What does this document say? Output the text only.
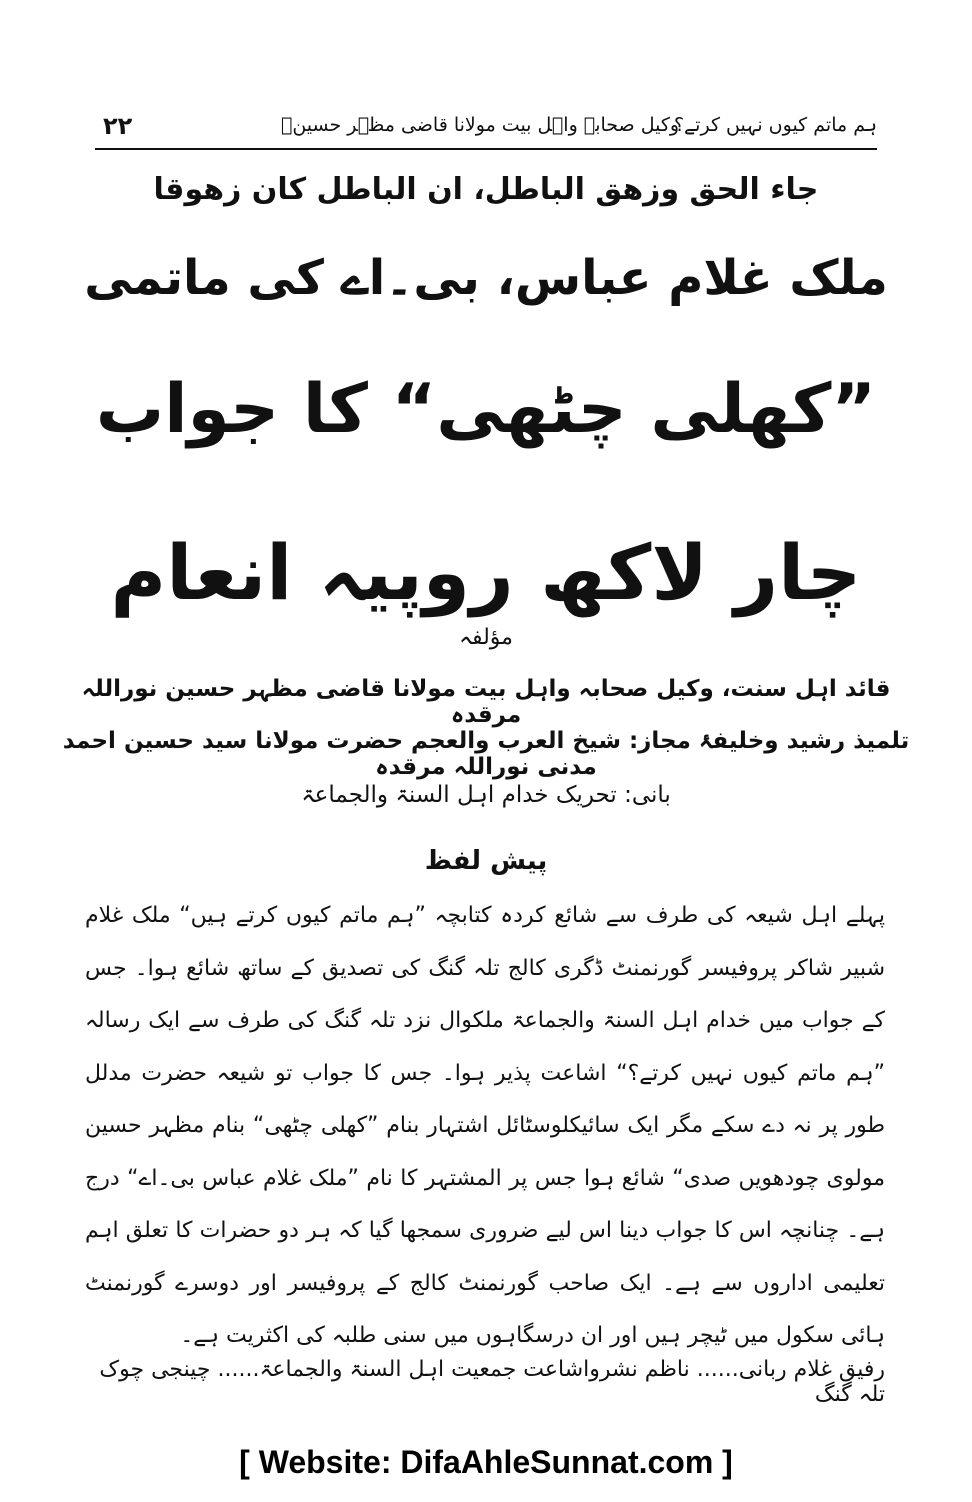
۲۲	وکیل صحابہ واہل بیت مولانا قاضی مظہر حسینؒ
ہم ماتم کیوں نہیں کرتے؟
جاء الحق وزهق الباطل، ان الباطل كان زهوقا
ملک غلام عباس، بی۔اے کی ماتمی
”کھلی چٹھی“ کا جواب
چار لاکھ روپیہ انعام
مؤلفہ
قائد اہل سنت، وکیل صحابہ واہل بیت مولانا قاضی مظہر حسین نوراللہ مرقدہ
تلمیذ رشید وخلیفۂ مجاز: شیخ العرب والعجم حضرت مولانا سید حسین احمد مدنی نوراللہ مرقدہ
بانی: تحریک خدام اہل السنۃ والجماعۃ
پیش لفظ

پہلے اہل شیعہ کی طرف سے شائع کردہ کتابچہ ”ہم ماتم کیوں کرتے ہیں“ ملک غلام شبیر شاکر پروفیسر گورنمنٹ ڈگری کالج تلہ گنگ کی تصدیق کے ساتھ شائع ہوا۔ جس کے جواب میں خدام اہل السنۃ والجماعۃ ملکوال نزد تلہ گنگ کی طرف سے ایک رسالہ ”ہم ماتم کیوں نہیں کرتے؟“ اشاعت پذیر ہوا۔ جس کا جواب تو شیعہ حضرت مدلل طور پر نہ دے سکے مگر ایک سائیکلوسٹائل اشتہار بنام ”کھلی چٹھی“ بنام مظہر حسین مولوی چودھویں صدی“ شائع ہوا جس پر المشتہر کا نام ”ملک غلام عباس بی۔اے“ درج ہے۔ چنانچہ اس کا جواب دینا اس لیے ضروری سمجھا گیا کہ ہر دو حضرات کا تعلق اہم تعلیمی اداروں سے ہے۔ ایک صاحب گورنمنٹ کالج کے پروفیسر اور دوسرے گورنمنٹ ہائی سکول میں ٹیچر ہیں اور ان درسگاہوں میں سنی طلبہ کی اکثریت ہے۔

رفیق غلام ربانی...... ناظم نشرواشاعت جمعیت اہل السنۃ والجماعۃ...... چینجی چوک تلہ گنگ
[ Website: DifaAhleSunnat.com ]
